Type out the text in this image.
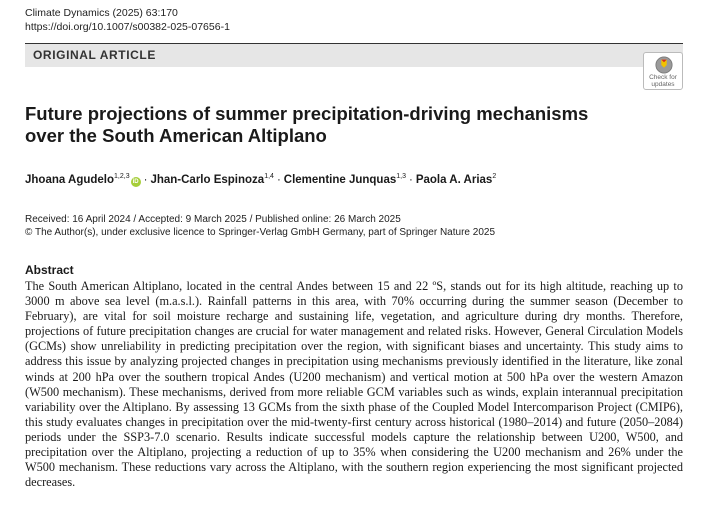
Climate Dynamics (2025) 63:170
https://doi.org/10.1007/s00382-025-07656-1
ORIGINAL ARTICLE
Check for
updates
Future projections of summer precipitation-driving mechanisms
over the South American Altiplano
Jhoana Agudelo$^{1,2,3}$iD · Jhan-Carlo Espinoza$^{1,4}$ · Clementine Junquas$^{1,3}$ · Paola A. Arias$^2$
Received: 16 April 2024 / Accepted: 9 March 2025 / Published online: 26 March 2025
© The Author(s), under exclusive licence to Springer-Verlag GmbH Germany, part of Springer Nature 2025
Abstract

The South American Altiplano, located in the central Andes between 15 and 22 ºS, stands out for its high altitude, reaching up to 3000 m above sea level (m.a.s.l.). Rainfall patterns in this area, with 70% occurring during the summer season (December to February), are vital for soil moisture recharge and sustaining life, vegetation, and agriculture during dry months. Therefore, projections of future precipitation changes are crucial for water management and related risks. However, General Circulation Models (GCMs) show unreliability in predicting precipitation over the region, with significant biases and uncertainty. This study aims to address this issue by analyzing projected changes in precipitation using mechanisms previously identified in the literature, like zonal winds at 200 hPa over the southern tropical Andes (U200 mechanism) and vertical motion at 500 hPa over the western Amazon (W500 mechanism). These mechanisms, derived from more reliable GCM variables such as winds, explain interannual precipitation variability over the Altiplano. By assessing 13 GCMs from the sixth phase of the Coupled Model Intercomparison Project (CMIP6), this study evaluates changes in precipitation over the mid-twenty-first century across historical (1980–2014) and future (2050–2084) periods under the SSP3-7.0 scenario. Results indicate successful models capture the relationship between U200, W500, and precipitation over the Altiplano, projecting a reduction of up to 35% when considering the U200 mechanism and 26% under the W500 mechanism. These reductions vary across the Altiplano, with the southern region experiencing the most significant projected decreases.
